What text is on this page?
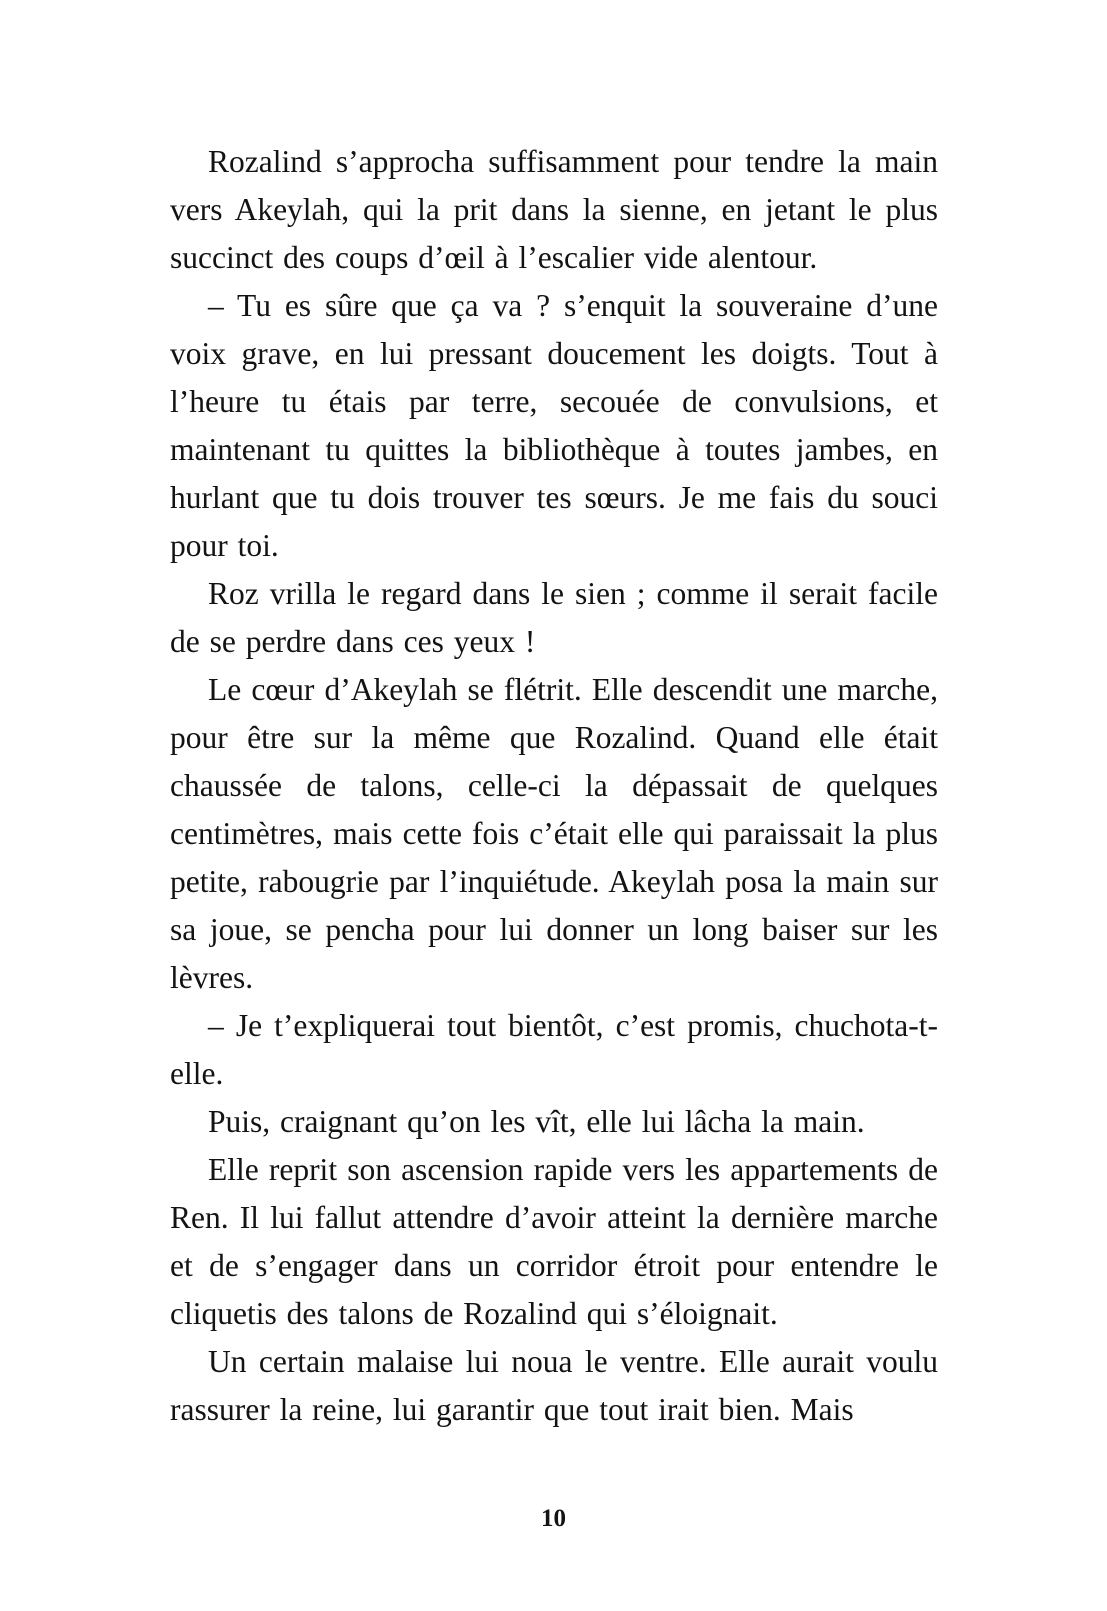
Rozalind s’approcha suffisamment pour tendre la main vers Akeylah, qui la prit dans la sienne, en jetant le plus succinct des coups d’œil à l’escalier vide alentour.

– Tu es sûre que ça va ? s’enquit la souveraine d’une voix grave, en lui pressant doucement les doigts. Tout à l’heure tu étais par terre, secouée de convulsions, et maintenant tu quittes la bibliothèque à toutes jambes, en hurlant que tu dois trouver tes sœurs. Je me fais du souci pour toi.

Roz vrilla le regard dans le sien ; comme il serait facile de se perdre dans ces yeux !

Le cœur d’Akeylah se flétrit. Elle descendit une marche, pour être sur la même que Rozalind. Quand elle était chaussée de talons, celle-ci la dépassait de quelques centimètres, mais cette fois c’était elle qui paraissait la plus petite, rabougrie par l’inquiétude. Akeylah posa la main sur sa joue, se pencha pour lui donner un long baiser sur les lèvres.

– Je t’expliquerai tout bientôt, c’est promis, chuchota-t-elle.

Puis, craignant qu’on les vît, elle lui lâcha la main.

Elle reprit son ascension rapide vers les appartements de Ren. Il lui fallut attendre d’avoir atteint la dernière marche et de s’engager dans un corridor étroit pour entendre le cliquetis des talons de Rozalind qui s’éloignait.

Un certain malaise lui noua le ventre. Elle aurait voulu rassurer la reine, lui garantir que tout irait bien. Mais

10
